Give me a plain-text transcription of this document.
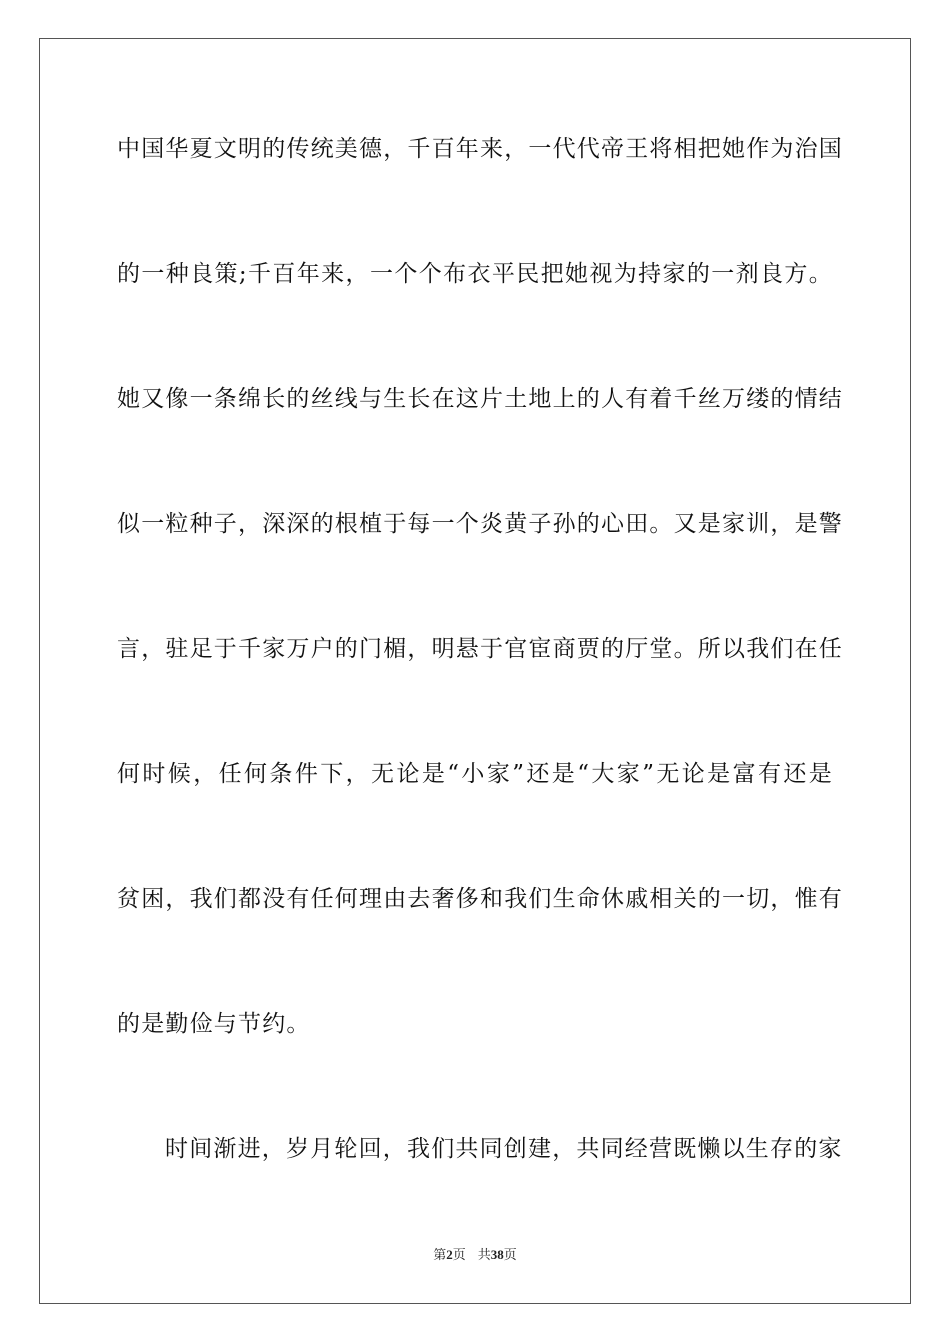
中国华夏文明的传统美德，千百年来，一代代帝王将相把她作为治国
的一种良策;千百年来，一个个布衣平民把她视为持家的一剂良方。
她又像一条绵长的丝线与生长在这片土地上的人有着千丝万缕的情结
似一粒种子，深深的根植于每一个炎黄子孙的心田。又是家训，是警
言，驻足于千家万户的门楣，明悬于官宦商贾的厅堂。所以我们在任
何时候，任何条件下，无论是“小家”还是“大家”无论是富有还是
贫困，我们都没有任何理由去奢侈和我们生命休戚相关的一切，惟有
的是勤俭与节约。
时间渐进，岁月轮回，我们共同创建，共同经营既懒以生存的家
第2页 共38页
